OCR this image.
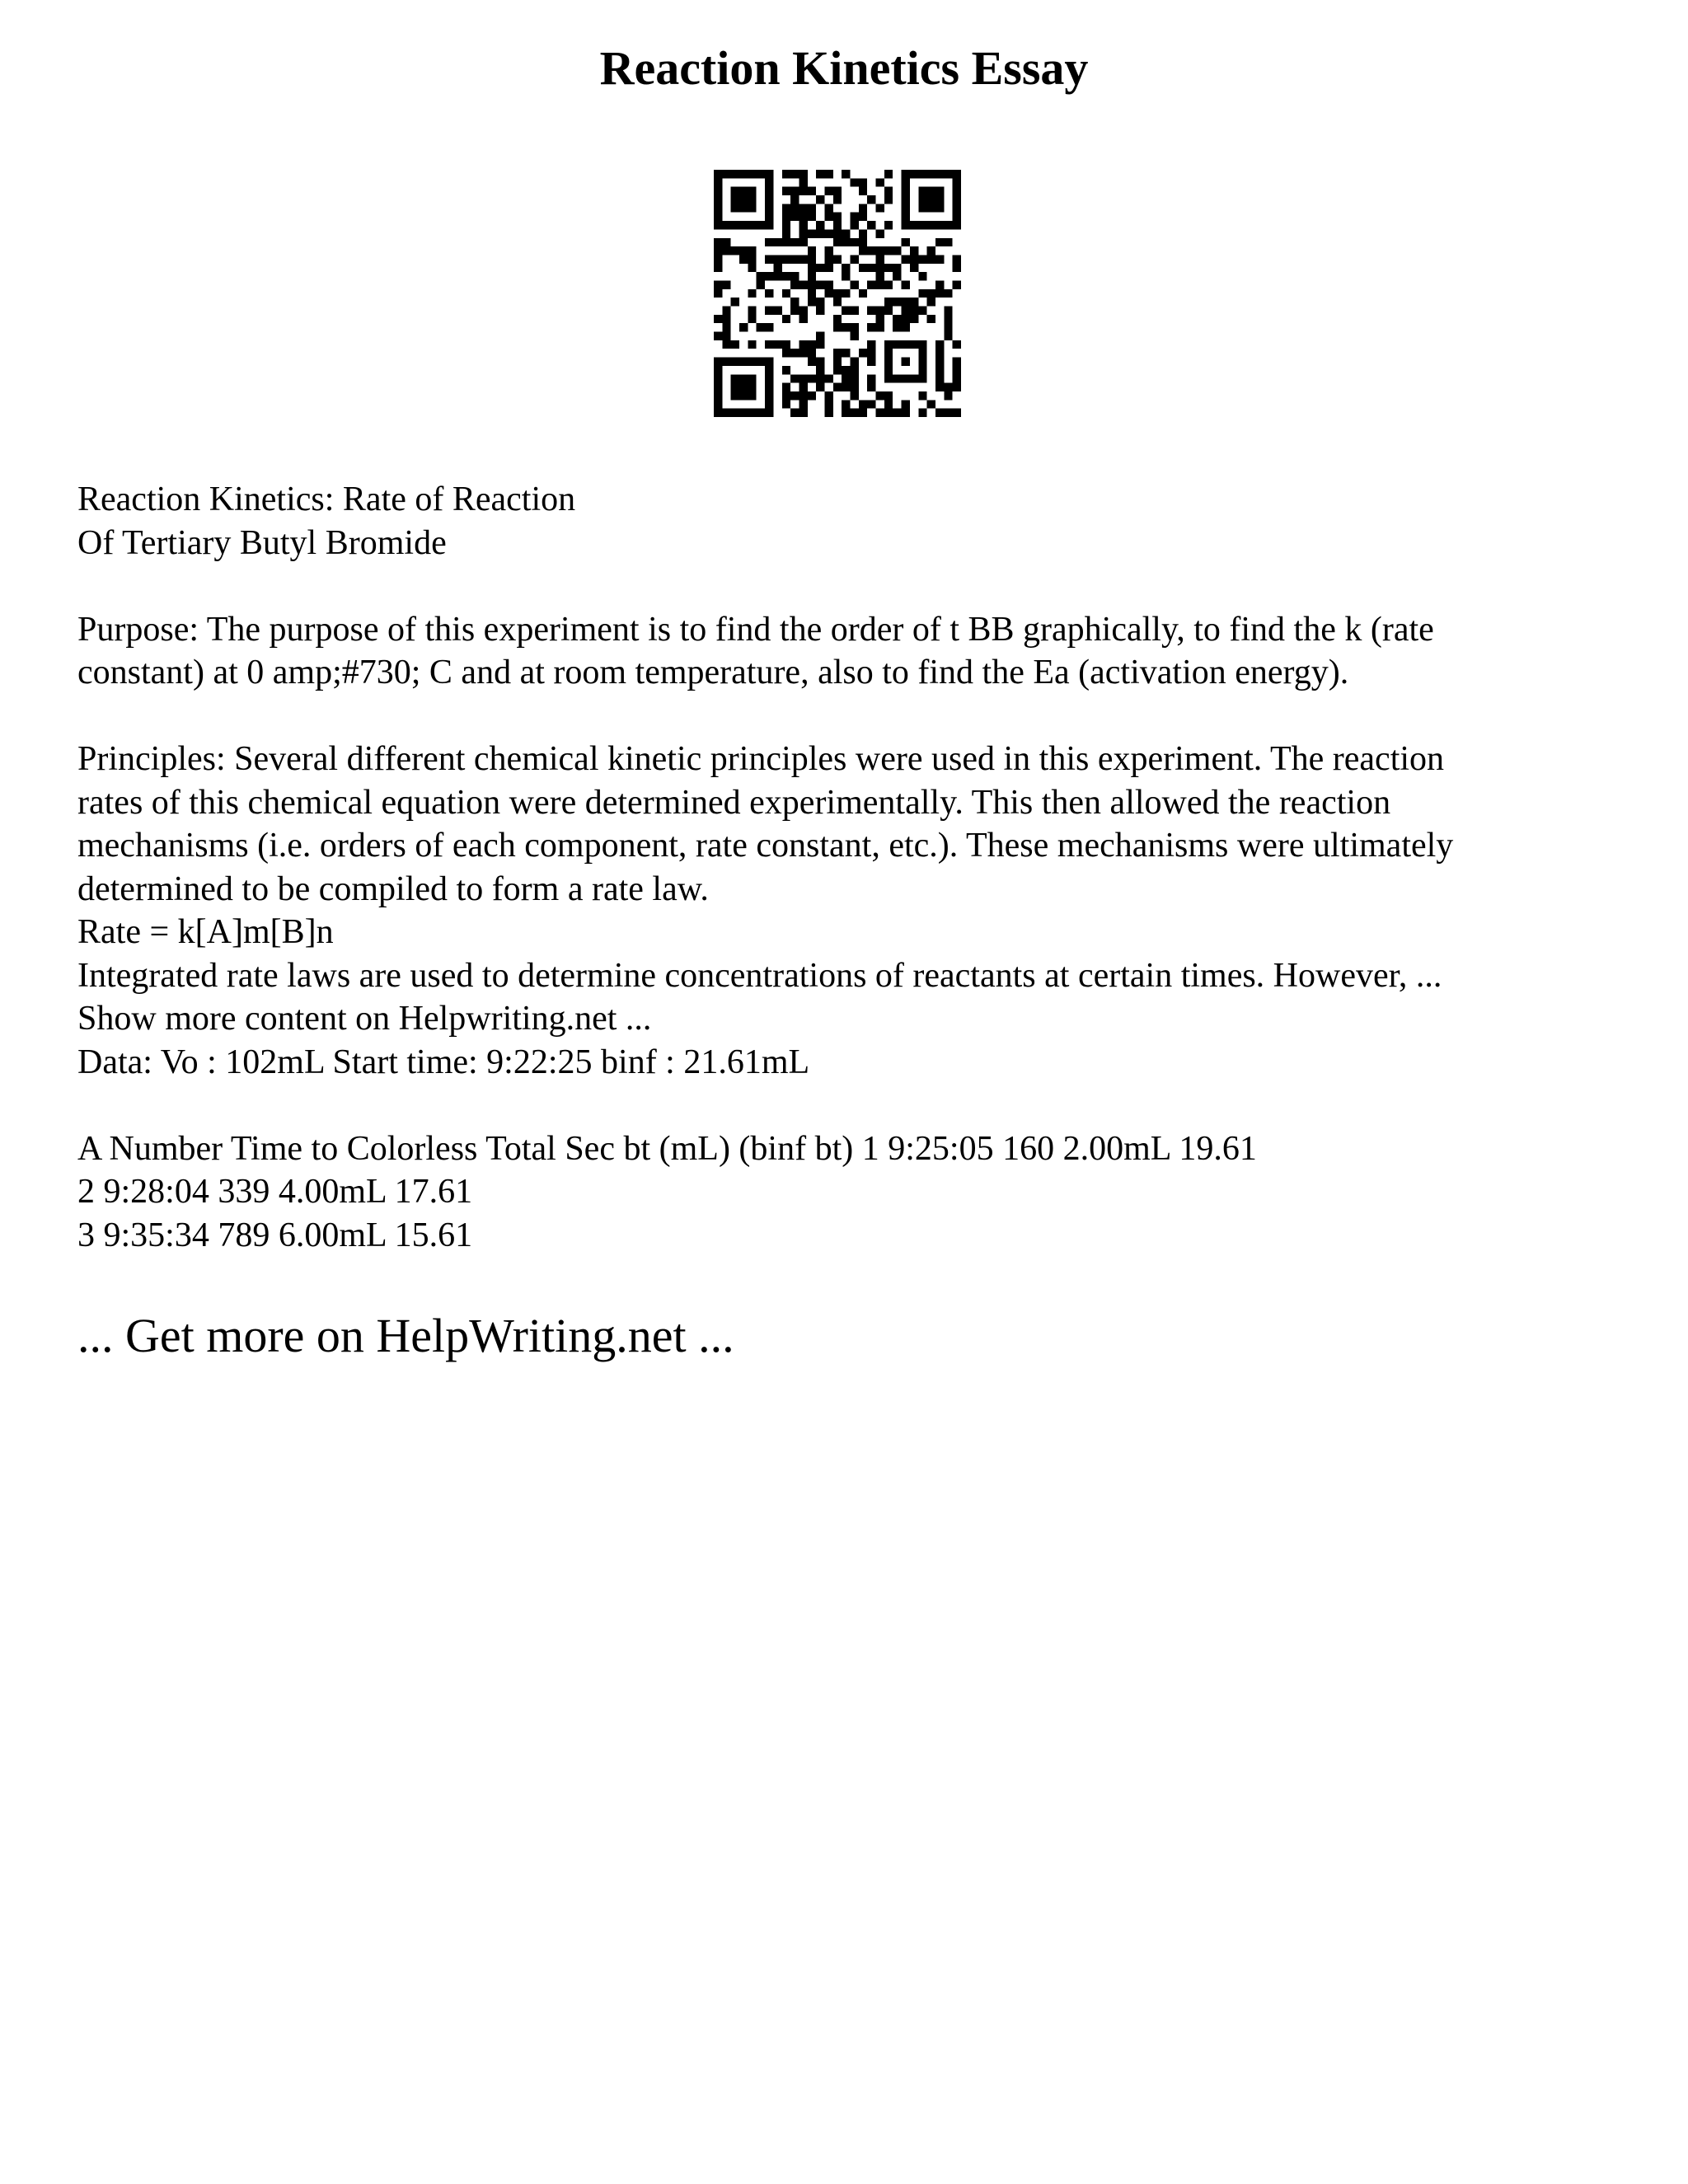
Reaction Kinetics Essay
Reaction Kinetics: Rate of Reaction
Of Tertiary Butyl Bromide
Purpose: The purpose of this experiment is to find the order of t BB graphically, to find the k (rate
constant) at 0 amp;#730; C and at room temperature, also to find the Ea (activation energy).
Principles: Several different chemical kinetic principles were used in this experiment. The reaction
rates of this chemical equation were determined experimentally. This then allowed the reaction
mechanisms (i.e. orders of each component, rate constant, etc.). These mechanisms were ultimately
determined to be compiled to form a rate law.
Rate = k[A]m[B]n
Integrated rate laws are used to determine concentrations of reactants at certain times. However, ...
Show more content on Helpwriting.net ...
Data: Vo : 102mL Start time: 9:22:25 binf : 21.61mL
A Number Time to Colorless Total Sec bt (mL) (binf bt) 1 9:25:05 160 2.00mL 19.61
2 9:28:04 339 4.00mL 17.61
3 9:35:34 789 6.00mL 15.61
... Get more on HelpWriting.net ...
